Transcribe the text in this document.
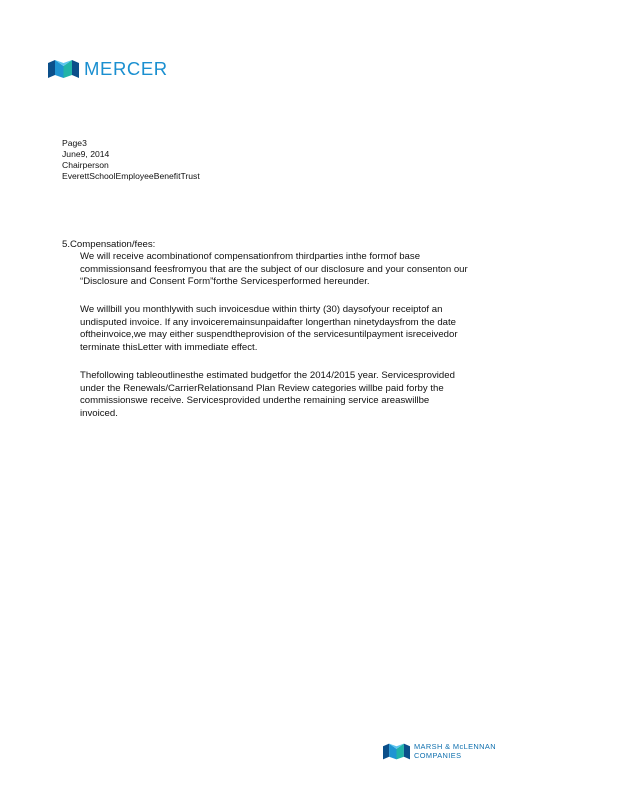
MERCER
Page3
June9, 2014
Chairperson
EverettSchoolEmployeeBenefitTrust
5.Compensation/fees:
We will receive acombinationof compensationfrom thirdparties inthe formof base
commissionsand feesfromyou that are the subject of our disclosure and your consenton our
“Disclosure and Consent Form”forthe Servicesperformed hereunder.
We willbill you monthlywith such invoicesdue within thirty (30) daysofyour receiptof an
undisputed invoice. If any invoiceremainsunpaidafter longerthan ninetydaysfrom the date
oftheinvoice,we may either suspendtheprovision of the servicesuntilpayment isreceivedor
terminate thisLetter with immediate effect.
Thefollowing tableoutlinesthe estimated budgetfor the 2014/2015 year. Servicesprovided
under the Renewals/CarrierRelationsand Plan Review categories willbe paid forby the
commissionswe receive. Servicesprovided underthe remaining service areaswillbe
invoiced.
MARSH & McLENNAN
COMPANIES
